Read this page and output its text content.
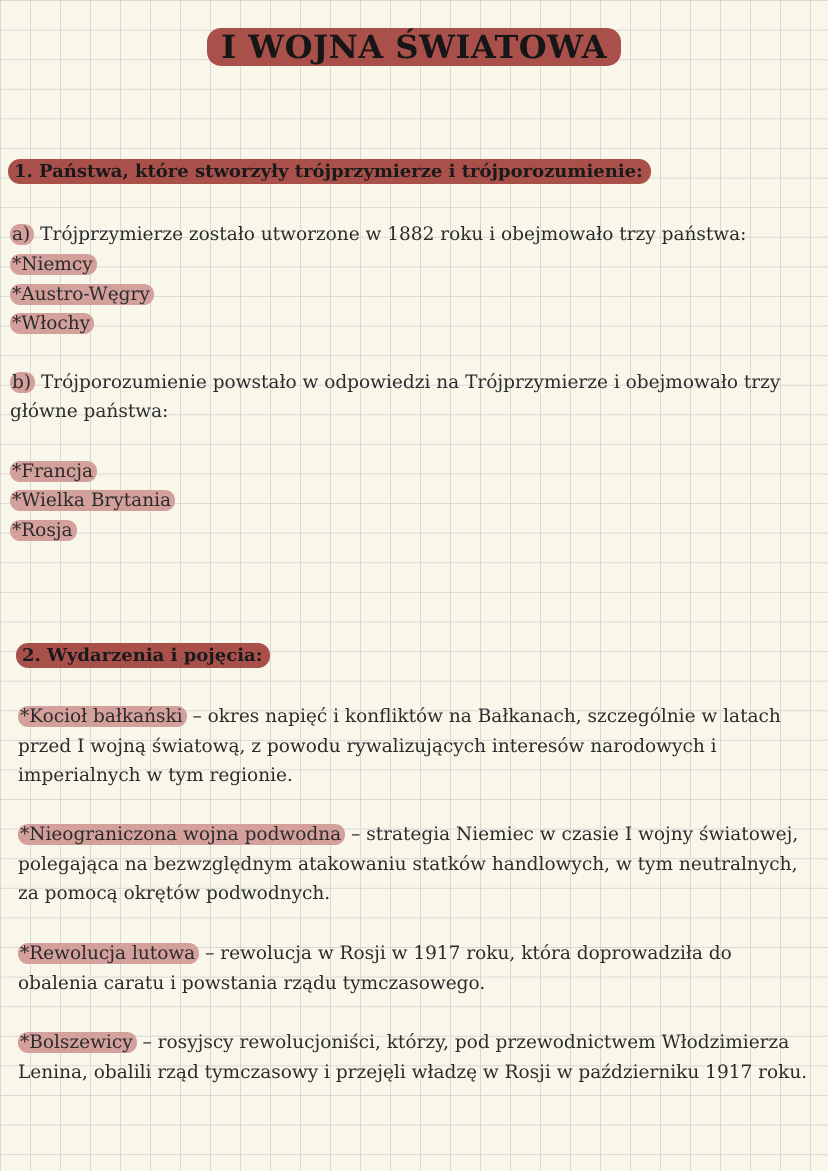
I WOJNA ŚWIATOWA
1. Państwa, które stworzyły trójprzymierze i trójporozumienie:
a) Trójprzymierze zostało utworzone w 1882 roku i obejmowało trzy państwa:
*Niemcy
*Austro-Węgry
*Włochy
b) Trójporozumienie powstało w odpowiedzi na Trójprzymierze i obejmowało trzy
główne państwa:
*Francja
*Wielka Brytania
*Rosja
2. Wydarzenia i pojęcia:
*Kocioł bałkański – okres napięć i konfliktów na Bałkanach, szczególnie w latach przed I wojną światową, z powodu rywalizujących interesów narodowych i imperialnych w tym regionie.
*Nieograniczona wojna podwodna – strategia Niemiec w czasie I wojny światowej, polegająca na bezwzględnym atakowaniu statków handlowych, w tym neutralnych, za pomocą okrętów podwodnych.
*Rewolucja lutowa – rewolucja w Rosji w 1917 roku, która doprowadziła do obalenia caratu i powstania rządu tymczasowego.
*Bolszewicy – rosyjscy rewolucjoniści, którzy, pod przewodnictwem Włodzimierza Lenina, obalili rząd tymczasowy i przejęli władzę w Rosji w październiku 1917 roku.
